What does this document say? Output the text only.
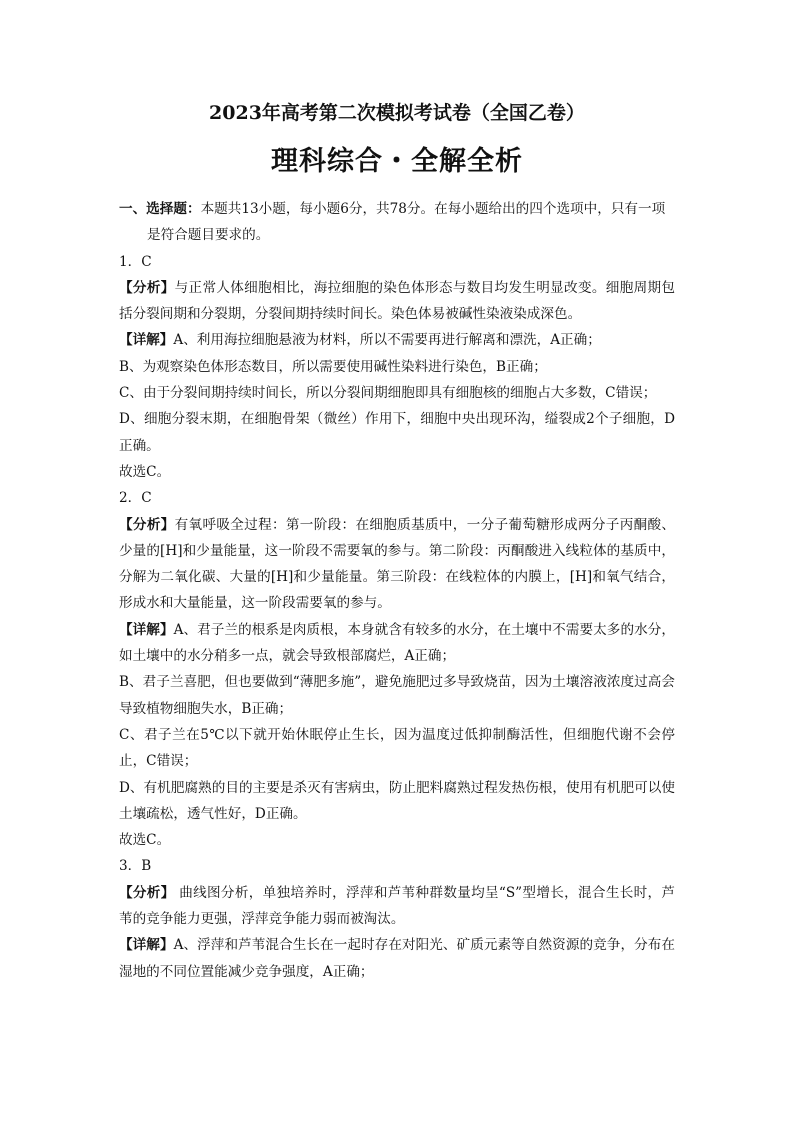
2023年高考第二次模拟考试卷（全国乙卷）
理科综合・全解全析

一、选择题：本题共13小题，每小题6分，共78分。在每小题给出的四个选项中，只有一项是符合题目要求的。

1．C

【分析】与正常人体细胞相比，海拉细胞的染色体形态与数目均发生明显改变。细胞周期包括分裂间期和分裂期，分裂间期持续时间长。染色体易被碱性染液染成深色。

【详解】A、利用海拉细胞悬液为材料，所以不需要再进行解离和漂洗，A正确；

B、为观察染色体形态数目，所以需要使用碱性染料进行染色，B正确；

C、由于分裂间期持续时间长，所以分裂间期细胞即具有细胞核的细胞占大多数，C错误；

D、细胞分裂末期，在细胞骨架（微丝）作用下，细胞中央出现环沟，缢裂成2个子细胞，D正确。

故选C。

2．C

【分析】有氧呼吸全过程：第一阶段：在细胞质基质中，一分子葡萄糖形成两分子丙酮酸、少量的[H]和少量能量，这一阶段不需要氧的参与。第二阶段：丙酮酸进入线粒体的基质中，分解为二氧化碳、大量的[H]和少量能量。第三阶段：在线粒体的内膜上，[H]和氧气结合，形成水和大量能量，这一阶段需要氧的参与。

【详解】A、君子兰的根系是肉质根，本身就含有较多的水分，在土壤中不需要太多的水分，如土壤中的水分稍多一点，就会导致根部腐烂，A正确；

B、君子兰喜肥，但也要做到“薄肥多施”，避免施肥过多导致烧苗，因为土壤溶液浓度过高会导致植物细胞失水，B正确；

C、君子兰在5℃以下就开始休眠停止生长，因为温度过低抑制酶活性，但细胞代谢不会停止，C错误；

D、有机肥腐熟的目的主要是杀灭有害病虫，防止肥料腐熟过程发热伤根，使用有机肥可以使土壤疏松，透气性好，D正确。

故选C。

3．B

【分析】 曲线图分析，单独培养时，浮萍和芦苇种群数量均呈“S”型增长，混合生长时，芦苇的竞争能力更强，浮萍竞争能力弱而被淘汰。

【详解】A、浮萍和芦苇混合生长在一起时存在对阳光、矿质元素等自然资源的竞争，分布在湿地的不同位置能减少竞争强度，A正确；
